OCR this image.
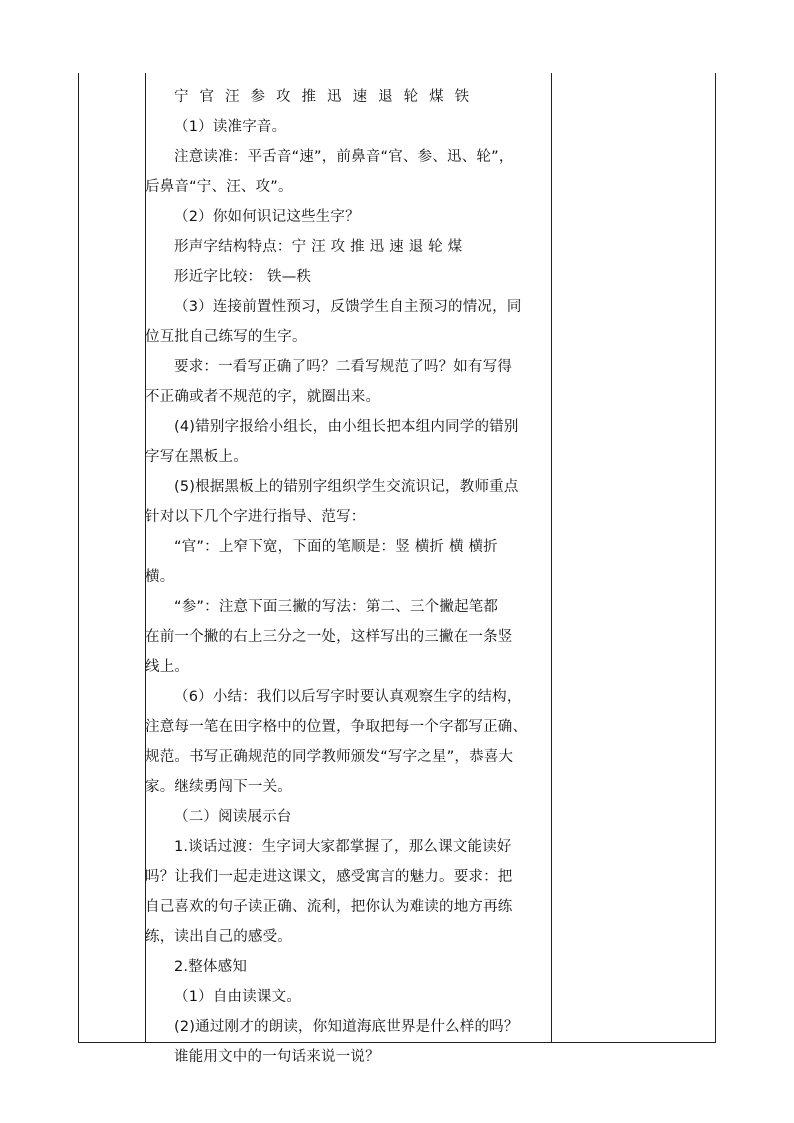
宁 官 汪 参 攻 推 迅 速 退 轮 煤 铁

（1）读准字音。

注意读准：平舌音“速”，前鼻音“官、参、迅、轮”，

后鼻音“宁、汪、攻”。

（2）你如何识记这些生字？

形声字结构特点：宁 汪 攻 推 迅 速 退 轮 煤

形近字比较： 铁—秩

（3）连接前置性预习，反馈学生自主预习的情况，同

位互批自己练写的生字。

要求：一看写正确了吗？二看写规范了吗？如有写得

不正确或者不规范的字，就圈出来。

(4)错别字报给小组长，由小组长把本组内同学的错别

字写在黑板上。

(5)根据黑板上的错别字组织学生交流识记，教师重点

针对以下几个字进行指导、范写：

“官”：上窄下宽，下面的笔顺是：竖 横折 横 横折

横。

“参”：注意下面三撇的写法：第二、三个撇起笔都

在前一个撇的右上三分之一处，这样写出的三撇在一条竖

线上。

（6）小结：我们以后写字时要认真观察生字的结构，

注意每一笔在田字格中的位置，争取把每一个字都写正确、

规范。书写正确规范的同学教师颁发“写字之星”，恭喜大

家。继续勇闯下一关。

（二）阅读展示台

1.谈话过渡：生字词大家都掌握了，那么课文能读好

吗？让我们一起走进这课文，感受寓言的魅力。要求：把

自己喜欢的句子读正确、流利，把你认为难读的地方再练

练，读出自己的感受。

2.整体感知

（1）自由读课文。

(2)通过刚才的朗读，你知道海底世界是什么样的吗？

谁能用文中的一句话来说一说？
